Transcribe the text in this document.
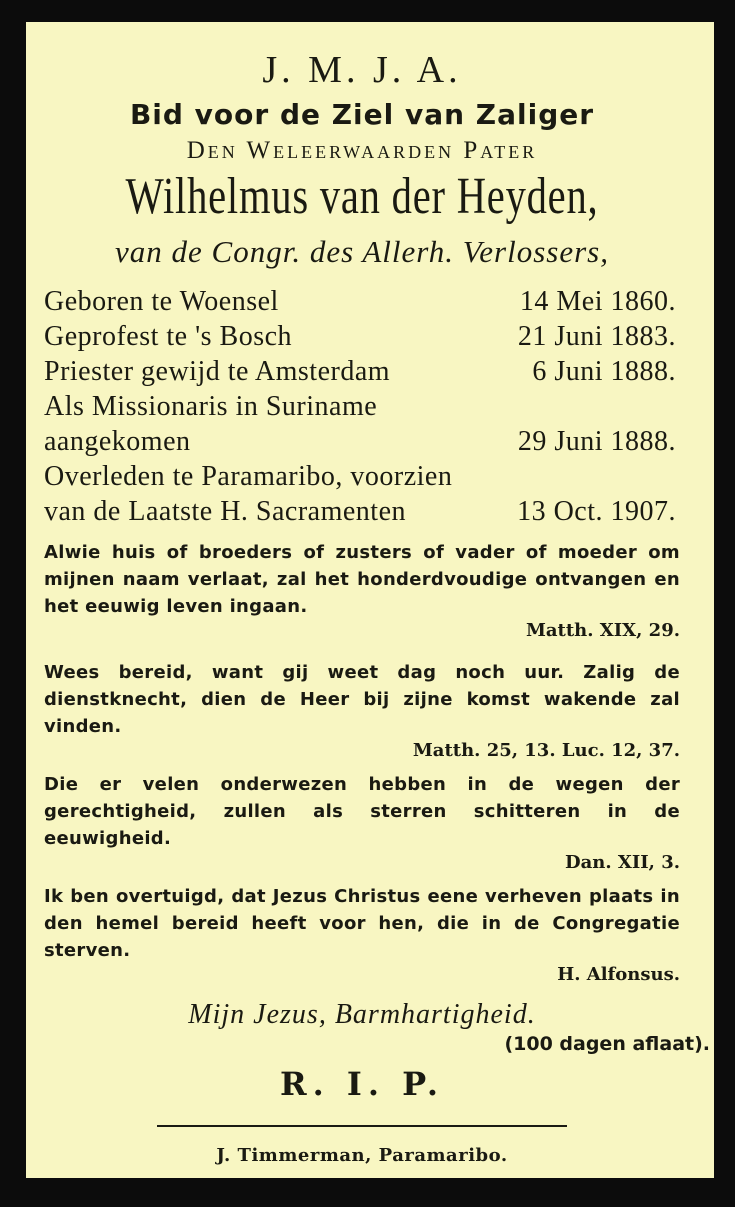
J. M. J. A.

Bid voor de Ziel van Zaliger

Den Weleerwaarden Pater

Wilhelmus van der Heyden,

van de Congr. des Allerh. Verlossers,

Geboren te Woensel	14 Mei 1860.
Geprofest te 's Bosch	21 Juni 1883.
Priester gewijd te Amsterdam	6 Juni 1888.
Als Missionaris in Suriname aangekomen	29 Juni 1888.
Overleden te Paramaribo, voorzien van de Laatste H. Sacramenten	13 Oct. 1907.

Alwie huis of broeders of zusters of vader of moeder om mijnen naam verlaat, zal het honderdvoudige ontvangen en het eeuwig leven ingaan.

Matth. XIX, 29.

Wees bereid, want gij weet dag noch uur. Zalig de dienstknecht, dien de Heer bij zijne komst wakende zal vinden.

Matth. 25, 13. Luc. 12, 37.

Die er velen onderwezen hebben in de wegen der gerechtigheid, zullen als sterren schitteren in de eeuwigheid.

Dan. XII, 3.

Ik ben overtuigd, dat Jezus Christus eene verheven plaats in den hemel bereid heeft voor hen, die in de Congregatie sterven.

H. Alfonsus.

Mijn Jezus, Barmhartigheid.

(100 dagen aflaat).

R. I. P.

J. Timmerman, Paramaribo.
